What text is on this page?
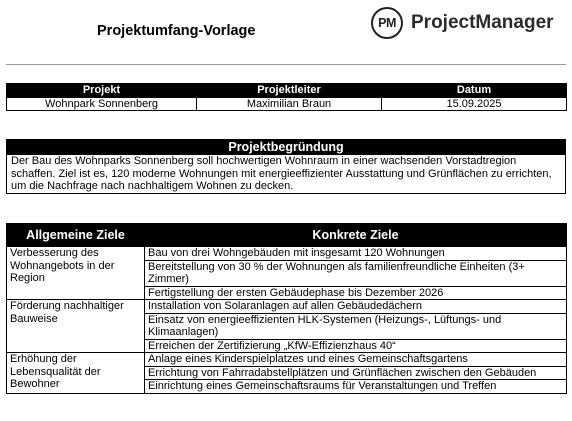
Projektumfang-Vorlage	PM ProjectManager
Projekt	Projektleiter	Datum
Wohnpark Sonnenberg	Maximilian Braun	15.09.2025
Projektbegründung
Der Bau des Wohnparks Sonnenberg soll hochwertigen Wohnraum in einer wachsenden Vorstadtregion schaffen. Ziel ist es, 120 moderne Wohnungen mit energieeffizienter Ausstattung und Grünflächen zu errichten, um die Nachfrage nach nachhaltigem Wohnen zu decken.
Allgemeine Ziele	Konkrete Ziele
Verbesserung des Wohnangebots in der Region	Bau von drei Wohngebäuden mit insgesamt 120 Wohnungen
	Bereitstellung von 30 % der Wohnungen als familienfreundliche Einheiten (3+ Zimmer)
	Fertigstellung der ersten Gebäudephase bis Dezember 2026
Förderung nachhaltiger Bauweise	Installation von Solaranlagen auf allen Gebäudedächern
	Einsatz von energieeffizienten HLK-Systemen (Heizungs-, Lüftungs- und Klimaanlagen)
	Erreichen der Zertifizierung „KfW-Effizienzhaus 40“
Erhöhung der Lebensqualität der Bewohner	Anlage eines Kinderspielplatzes und eines Gemeinschaftsgartens
	Errichtung von Fahrradabstellplätzen und Grünflächen zwischen den Gebäuden
	Einrichtung eines Gemeinschaftsraums für Veranstaltungen und Treffen
